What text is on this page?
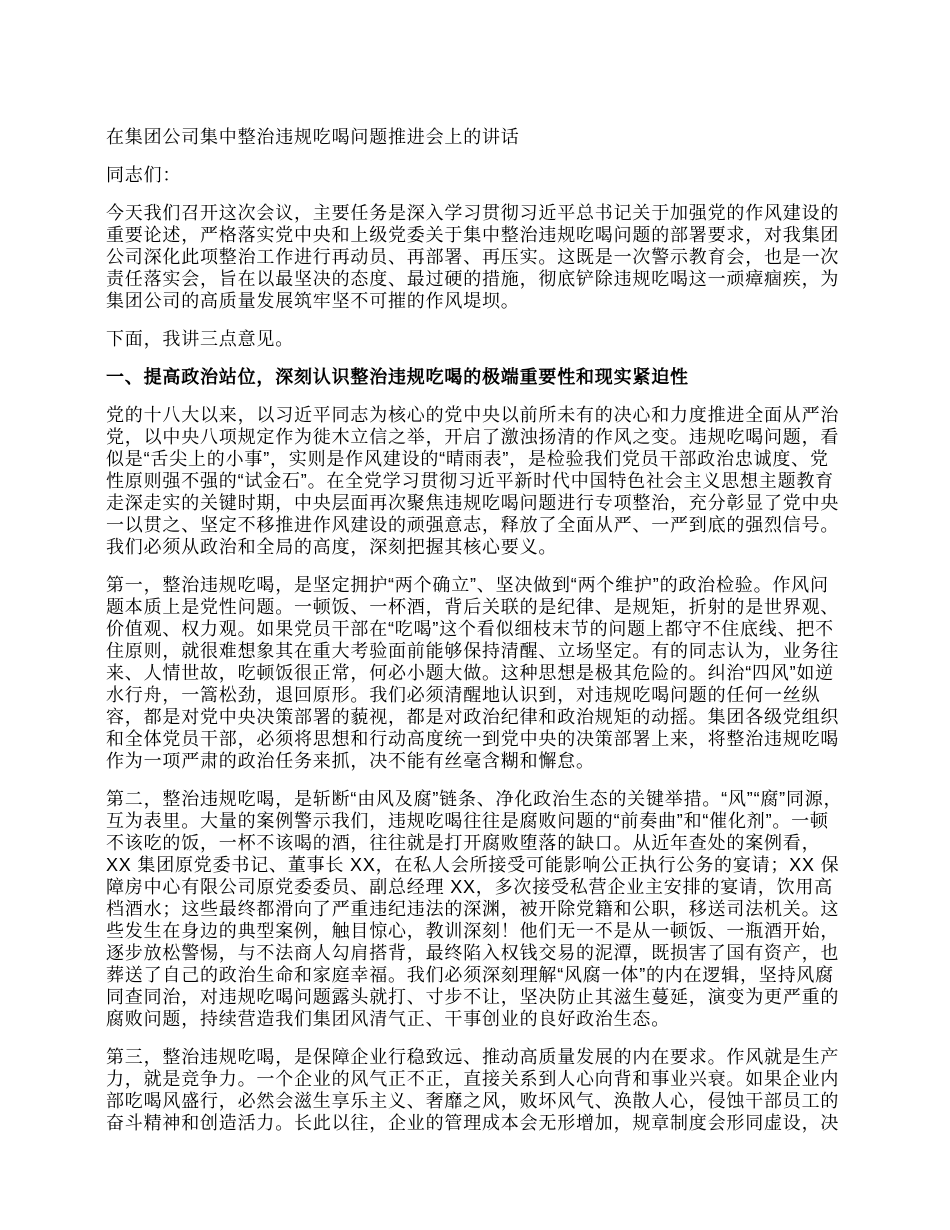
在集团公司集中整治违规吃喝问题推进会上的讲话

同志们：

今天我们召开这次会议，主要任务是深入学习贯彻习近平总书记关于加强党的作风建设的重要论述，严格落实党中央和上级党委关于集中整治违规吃喝问题的部署要求，对我集团公司深化此项整治工作进行再动员、再部署、再压实。这既是一次警示教育会，也是一次责任落实会，旨在以最坚决的态度、最过硬的措施，彻底铲除违规吃喝这一顽瘴痼疾，为集团公司的高质量发展筑牢坚不可摧的作风堤坝。

下面，我讲三点意见。

一、提高政治站位，深刻认识整治违规吃喝的极端重要性和现实紧迫性

党的十八大以来，以习近平同志为核心的党中央以前所未有的决心和力度推进全面从严治党，以中央八项规定作为徙木立信之举，开启了激浊扬清的作风之变。违规吃喝问题，看似是“舌尖上的小事”，实则是作风建设的“晴雨表”，是检验我们党员干部政治忠诚度、党性原则强不强的“试金石”。在全党学习贯彻习近平新时代中国特色社会主义思想主题教育走深走实的关键时期，中央层面再次聚焦违规吃喝问题进行专项整治，充分彰显了党中央一以贯之、坚定不移推进作风建设的顽强意志，释放了全面从严、一严到底的强烈信号。我们必须从政治和全局的高度，深刻把握其核心要义。

第一，整治违规吃喝，是坚定拥护“两个确立”、坚决做到“两个维护”的政治检验。作风问题本质上是党性问题。一顿饭、一杯酒，背后关联的是纪律、是规矩，折射的是世界观、价值观、权力观。如果党员干部在“吃喝”这个看似细枝末节的问题上都守不住底线、把不住原则，就很难想象其在重大考验面前能够保持清醒、立场坚定。有的同志认为，业务往来、人情世故，吃顿饭很正常，何必小题大做。这种思想是极其危险的。纠治“四风”如逆水行舟，一篙松劲，退回原形。我们必须清醒地认识到，对违规吃喝问题的任何一丝纵容，都是对党中央决策部署的藐视，都是对政治纪律和政治规矩的动摇。集团各级党组织和全体党员干部，必须将思想和行动高度统一到党中央的决策部署上来，将整治违规吃喝作为一项严肃的政治任务来抓，决不能有丝毫含糊和懈怠。

第二，整治违规吃喝，是斩断“由风及腐”链条、净化政治生态的关键举措。“风”“腐”同源，互为表里。大量的案例警示我们，违规吃喝往往是腐败问题的“前奏曲”和“催化剂”。一顿不该吃的饭，一杯不该喝的酒，往往就是打开腐败堕落的缺口。从近年查处的案例看，XX 集团原党委书记、董事长 XX，在私人会所接受可能影响公正执行公务的宴请；XX 保障房中心有限公司原党委委员、副总经理 XX，多次接受私营企业主安排的宴请，饮用高档酒水；这些最终都滑向了严重违纪违法的深渊，被开除党籍和公职，移送司法机关。这些发生在身边的典型案例，触目惊心，教训深刻！他们无一不是从一顿饭、一瓶酒开始，逐步放松警惕，与不法商人勾肩搭背，最终陷入权钱交易的泥潭，既损害了国有资产，也葬送了自己的政治生命和家庭幸福。我们必须深刻理解“风腐一体”的内在逻辑，坚持风腐同查同治，对违规吃喝问题露头就打、寸步不让，坚决防止其滋生蔓延，演变为更严重的腐败问题，持续营造我们集团风清气正、干事创业的良好政治生态。

第三，整治违规吃喝，是保障企业行稳致远、推动高质量发展的内在要求。作风就是生产力，就是竞争力。一个企业的风气正不正，直接关系到人心向背和事业兴衰。如果企业内部吃喝风盛行，必然会滋生享乐主义、奢靡之风，败坏风气、涣散人心，侵蚀干部员工的奋斗精神和创造活力。长此以往，企业的管理成本会无形增加，规章制度会形同虚设，决
